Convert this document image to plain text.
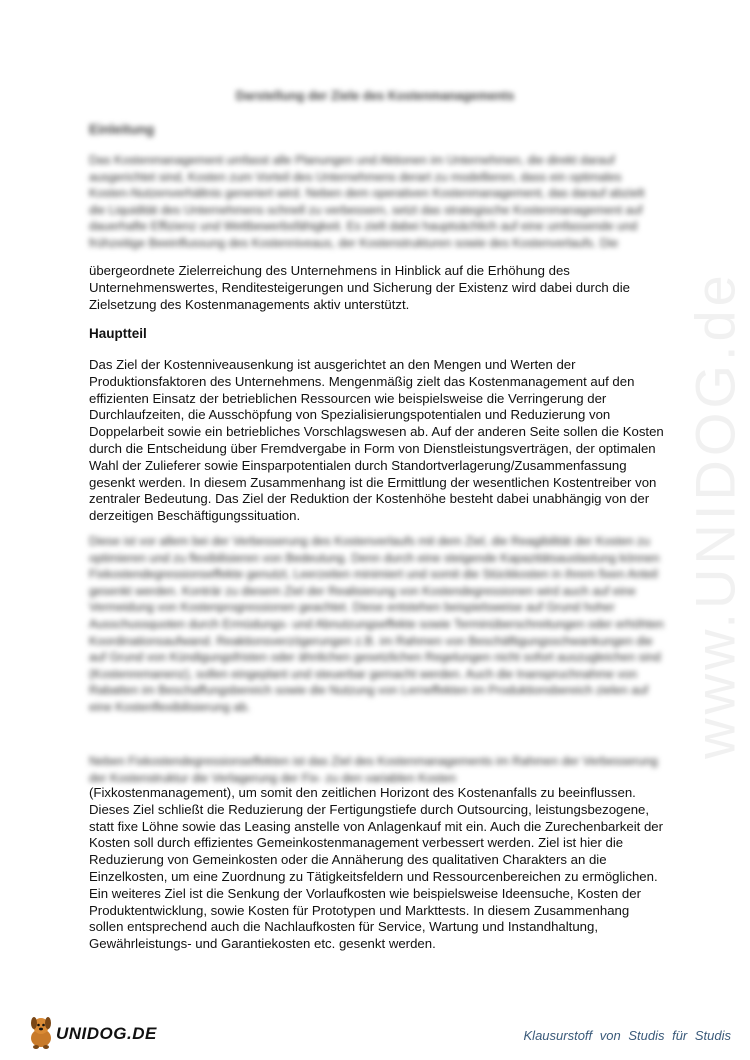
www.UNIDOG.de
Darstellung der Ziele des Kostenmanagements
Einleitung

Das Kostenmanagement umfasst alle Planungen und Aktionen im Unternehmen, die direkt darauf ausgerichtet sind, Kosten zum Vorteil des Unternehmens derart zu modellieren, dass ein optimales Kosten-Nutzenverhältnis generiert wird. Neben dem operativen Kostenmanagement, das darauf abzielt die Liquidität des Unternehmens schnell zu verbessern, setzt das strategische Kostenmanagement auf dauerhafte Effizienz und Wettbewerbsfähigkeit. Es zielt dabei hauptsächlich auf eine umfassende und frühzeitige Beeinflussung des Kostenniveaus, der Kostenstrukturen sowie des Kostenverlaufs. Die

übergeordnete Zielerreichung des Unternehmens in Hinblick auf die Erhöhung des Unternehmenswertes, Renditesteigerungen und Sicherung der Existenz wird dabei durch die Zielsetzung des Kostenmanagements aktiv unterstützt.

Hauptteil

Das Ziel der Kostenniveausenkung ist ausgerichtet an den Mengen und Werten der Produktionsfaktoren des Unternehmens. Mengenmäßig zielt das Kostenmanagement auf den effizienten Einsatz der betrieblichen Ressourcen wie beispielsweise die Verringerung der Durchlaufzeiten, die Ausschöpfung von Spezialisierungspotentialen und Reduzierung von Doppelarbeit sowie ein betriebliches Vorschlagswesen ab. Auf der anderen Seite sollen die Kosten durch die Entscheidung über Fremdvergabe in Form von Dienstleistungsverträgen, der optimalen Wahl der Zulieferer sowie Einsparpotentialen durch Standortverlagerung/Zusammenfassung gesenkt werden. In diesem Zusammenhang ist die Ermittlung der wesentlichen Kostentreiber von zentraler Bedeutung. Das Ziel der Reduktion der Kostenhöhe besteht dabei unabhängig von der derzeitigen Beschäftigungssituation.

Diese ist vor allem bei der Verbesserung des Kostenverlaufs mit dem Ziel, die Reagibilität der Kosten zu optimieren und zu flexibilisieren von Bedeutung. Denn durch eine steigende Kapazitätsauslastung können Fixkostendegressionseffekte genutzt, Leerzeiten minimiert und somit die Stückkosten in ihrem fixen Anteil gesenkt werden. Konträr zu diesem Ziel der Realisierung von Kostendegressionen wird auch auf eine Vermeidung von Kostenprogressionen geachtet. Diese entstehen beispielsweise auf Grund hoher Ausschussquoten durch Ermüdungs- und Abnutzungseffekte sowie Terminüberschreitungen oder erhöhten Koordinationsaufwand. Reaktionsverzögerungen z.B. im Rahmen von Beschäftigungsschwankungen die auf Grund von Kündigungsfristen oder ähnlichen gesetzlichen Regelungen nicht sofort auszugleichen sind (Kostenremanenz), sollen eingeplant und steuerbar gemacht werden. Auch die Inanspruchnahme von Rabatten im Beschaffungsbereich sowie die Nutzung von Lerneffekten im Produktionsbereich zielen auf eine Kostenflexibilisierung ab.

Neben Fixkostendegressionseffekten ist das Ziel des Kostenmanagements im Rahmen der Verbesserung der Kostenstruktur die Verlagerung der Fix- zu den variablen Kosten

(Fixkostenmanagement), um somit den zeitlichen Horizont des Kostenanfalls zu beeinflussen. Dieses Ziel schließt die Reduzierung der Fertigungstiefe durch Outsourcing, leistungsbezogene, statt fixe Löhne sowie das Leasing anstelle von Anlagenkauf mit ein. Auch die Zurechenbarkeit der Kosten soll durch effizientes Gemeinkostenmanagement verbessert werden. Ziel ist hier die Reduzierung von Gemeinkosten oder die Annäherung des qualitativen Charakters an die Einzelkosten, um eine Zuordnung zu Tätigkeitsfeldern und Ressourcenbereichen zu ermöglichen. Ein weiteres Ziel ist die Senkung der Vorlaufkosten wie beispielsweise Ideensuche, Kosten der Produktentwicklung, sowie Kosten für Prototypen und Markttests. In diesem Zusammenhang sollen entsprechend auch die Nachlaufkosten für Service, Wartung und Instandhaltung, Gewährleistungs- und Garantiekosten etc. gesenkt werden.

UNIDOG.DE	Klausurstoff von Studis für Studis
